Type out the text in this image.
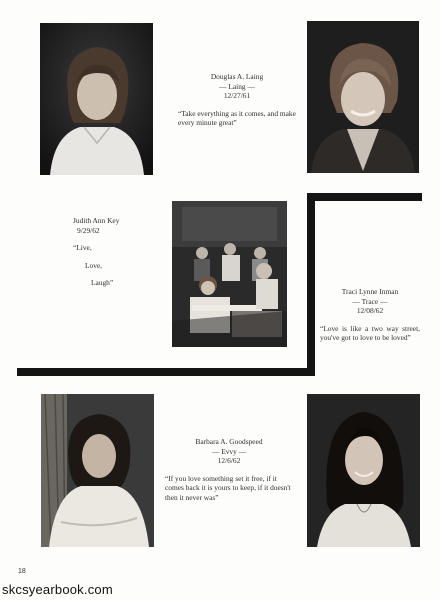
Douglas A. Laing
— Laing —
12/27/61
“Take everything as it comes, and make every minute great”
Judith Ann Key
9/29/62
“Live,
Love,
Laugh”
Traci Lynne Inman
— Trace —
12/08/62
“Love is like a two way street, you've got to love to be loved”
Barbara A. Goodspeed
— Evvy —
12/6/62
“If you love something set it free, if it comes back it is yours to keep, if it doesn't then it never was”
18
skcsyearbook.com
